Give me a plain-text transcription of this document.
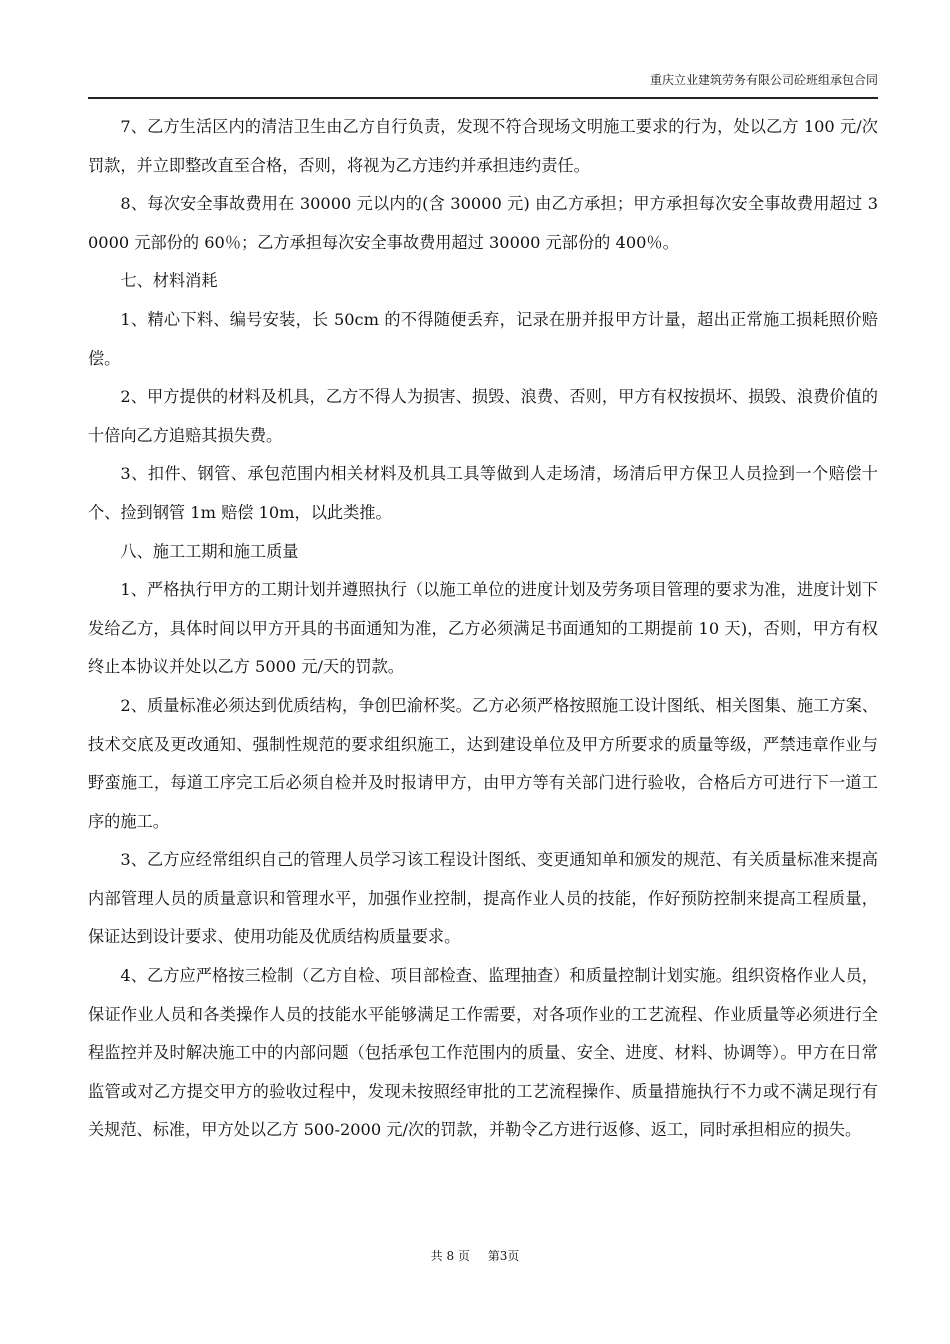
重庆立业建筑劳务有限公司砼班组承包合同

7、乙方生活区内的清洁卫生由乙方自行负责，发现不符合现场文明施工要求的行为，处以乙方 100 元/次罚款，并立即整改直至合格，否则，将视为乙方违约并承担违约责任。

8、每次安全事故费用在 30000 元以内的(含 30000 元) 由乙方承担；甲方承担每次安全事故费用超过 30000 元部份的 60％；乙方承担每次安全事故费用超过 30000 元部份的 400％。

七、材料消耗

1、精心下料、编号安装，长 50cm 的不得随便丢弃，记录在册并报甲方计量，超出正常施工损耗照价赔偿。

2、甲方提供的材料及机具，乙方不得人为损害、损毁、浪费、否则，甲方有权按损坏、损毁、浪费价值的十倍向乙方追赔其损失费。

3、扣件、钢管、承包范围内相关材料及机具工具等做到人走场清，场清后甲方保卫人员捡到一个赔偿十个、捡到钢管 1m 赔偿 10m，以此类推。

八、施工工期和施工质量

1、严格执行甲方的工期计划并遵照执行（以施工单位的进度计划及劳务项目管理的要求为准，进度计划下发给乙方，具体时间以甲方开具的书面通知为准，乙方必须满足书面通知的工期提前 10 天)，否则，甲方有权终止本协议并处以乙方 5000 元/天的罚款。

2、质量标准必须达到优质结构，争创巴渝杯奖。乙方必须严格按照施工设计图纸、相关图集、施工方案、技术交底及更改通知、强制性规范的要求组织施工，达到建设单位及甲方所要求的质量等级，严禁违章作业与野蛮施工，每道工序完工后必须自检并及时报请甲方，由甲方等有关部门进行验收，合格后方可进行下一道工序的施工。

3、乙方应经常组织自己的管理人员学习该工程设计图纸、变更通知单和颁发的规范、有关质量标准来提高内部管理人员的质量意识和管理水平，加强作业控制，提高作业人员的技能，作好预防控制来提高工程质量，保证达到设计要求、使用功能及优质结构质量要求。

4、乙方应严格按三检制（乙方自检、项目部检查、监理抽查）和质量控制计划实施。组织资格作业人员，保证作业人员和各类操作人员的技能水平能够满足工作需要，对各项作业的工艺流程、作业质量等必须进行全程监控并及时解决施工中的内部问题（包括承包工作范围内的质量、安全、进度、材料、协调等）。甲方在日常监管或对乙方提交甲方的验收过程中，发现未按照经审批的工艺流程操作、质量措施执行不力或不满足现行有关规范、标准，甲方处以乙方 500-2000 元/次的罚款，并勒令乙方进行返修、返工，同时承担相应的损失。

共 8 页 第3页
